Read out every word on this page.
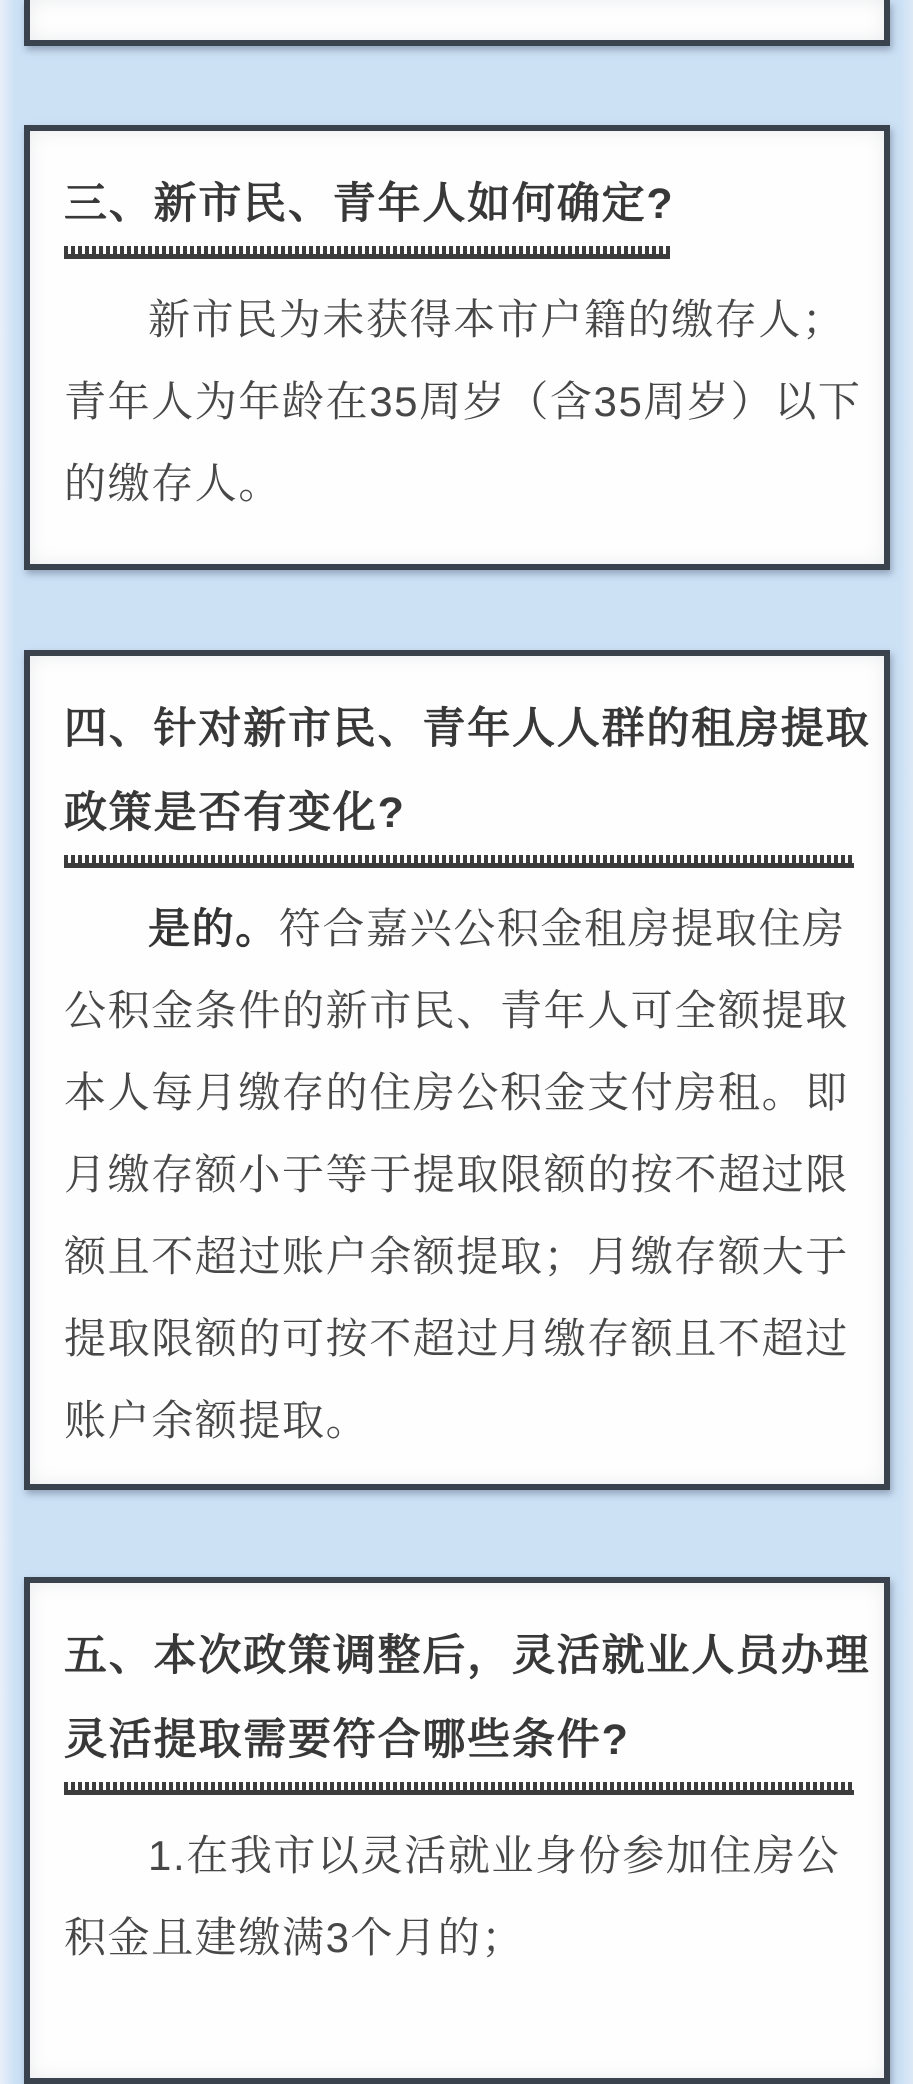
三、新市民、青年人如何确定?

新市民为未获得本市户籍的缴存人；青年人为年龄在35周岁（含35周岁）以下的缴存人。

四、针对新市民、青年人人群的租房提取政策是否有变化?

是的。符合嘉兴公积金租房提取住房公积金条件的新市民、青年人可全额提取本人每月缴存的住房公积金支付房租。即月缴存额小于等于提取限额的按不超过限额且不超过账户余额提取；月缴存额大于提取限额的可按不超过月缴存额且不超过账户余额提取。

五、本次政策调整后，灵活就业人员办理灵活提取需要符合哪些条件?

1.在我市以灵活就业身份参加住房公积金且建缴满3个月的；
